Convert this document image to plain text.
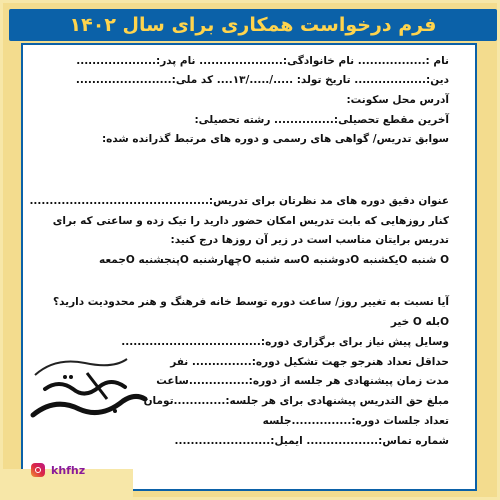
فرم درخواست همکاری برای سال ۱۴۰۲
نام :................. نام خانوادگی:..................... نام پدر:....................
دین:.................. تاریخ تولد: ...../...../۱۳.... کد ملی:........................
آدرس محل سکونت:
آخرین مقطع تحصیلی:............... رشته تحصیلی:
سوابق تدریس/ گواهی های رسمی و دوره های مرتبط گذرانده شده:
عنوان دقیق دوره های مد نظرتان برای تدریس:.............................................
کنار روزهایی که بابت تدریس امکان حضور دارید را تیک زده و ساعتی که برای
تدریس برایتان مناسب است در زیر آن روزها درج کنید:
O شنبه Oیکشنبه Oدوشنبه Oسه شنبه Oچهارشنبه Oپنجشنبه Oجمعه
آیا نسبت به تغییر روز/ ساعت دوره توسط خانه فرهنگ و هنر محدودیت دارید؟
Oبله O خیر
وسایل پیش نیاز برای برگزاری دوره:...................................
حداقل تعداد هنرجو جهت تشکیل دوره:............... نفر
مدت زمان پیشنهادی هر جلسه از دوره:...............ساعت
مبلغ حق التدریس پیشنهادی برای هر جلسه:.............تومان
تعداد جلسات دوره:...............جلسه
شماره تماس:.................. ایمیل:........................
khfhz
